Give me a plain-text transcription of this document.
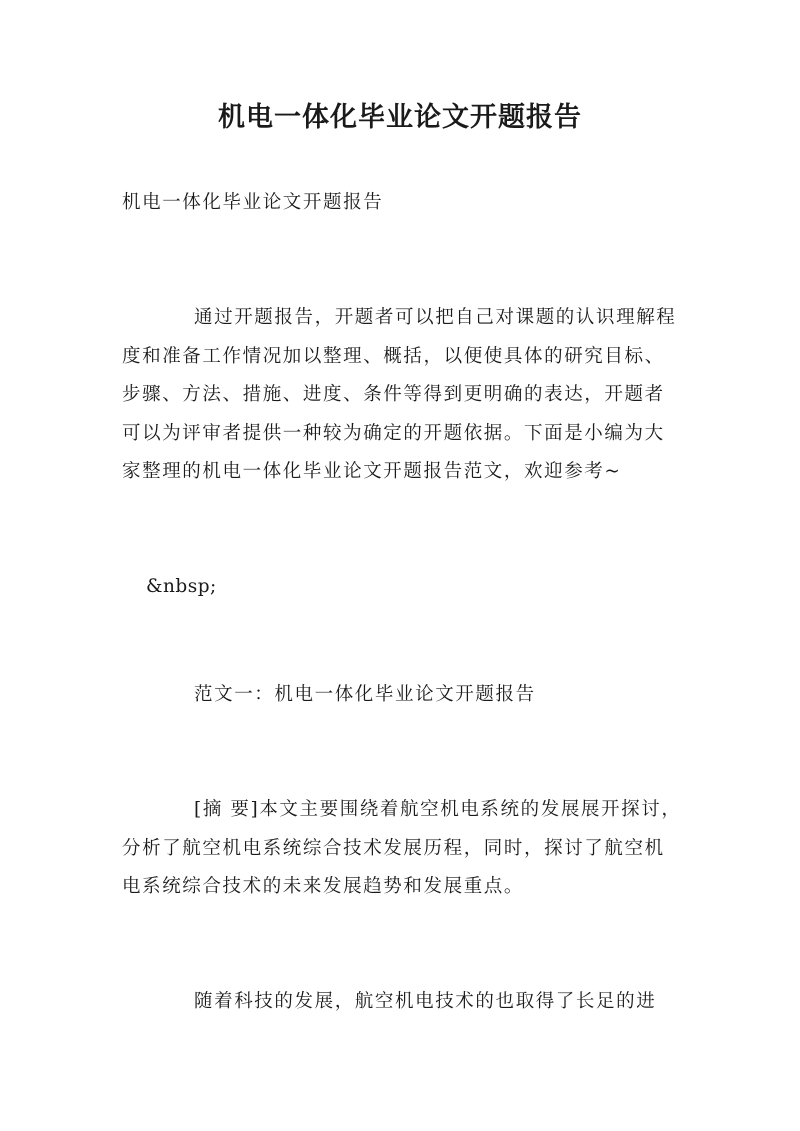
机电一体化毕业论文开题报告

机电一体化毕业论文开题报告

通过开题报告，开题者可以把自己对课题的认识理解程度和准备工作情况加以整理、概括，以便使具体的研究目标、步骤、方法、措施、进度、条件等得到更明确的表达，开题者可以为评审者提供一种较为确定的开题依据。下面是小编为大家整理的机电一体化毕业论文开题报告范文，欢迎参考~

&nbsp;

范文一：机电一体化毕业论文开题报告

[摘 要]本文主要围绕着航空机电系统的发展展开探讨，分析了航空机电系统综合技术发展历程，同时，探讨了航空机电系统综合技术的未来发展趋势和发展重点。

随着科技的发展，航空机电技术的也取得了长足的进
